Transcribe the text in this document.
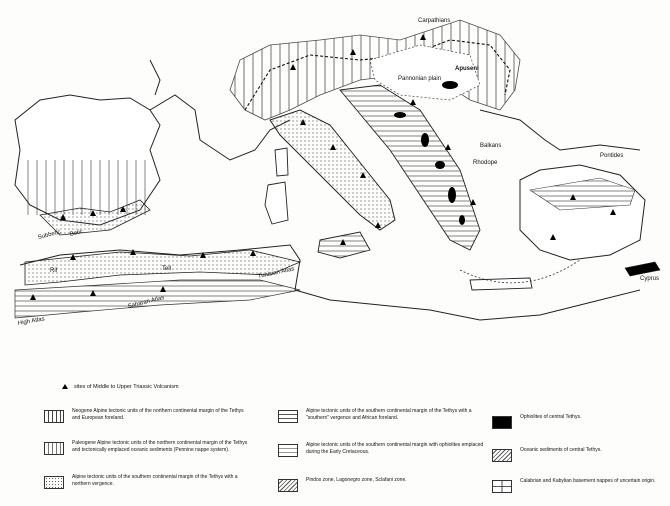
Carpathians
Apuseni
Pannonian plain
Balkans
Rhodope
Pontides
Cyprus
Subbetic Betic
Rif	Tell	Tunisian Atlas
Saharan Atlas
High Atlas
sites of Middle to Upper Triassic Volcanism
Neogene Alpine tectonic units of the northern continental margin of the Tethys and European foreland.
Paleogene Alpine tectonic units of the northern continental margin of the Tethys and tectonically emplaced oceanic sediments (Pennine nappe system).
Alpine tectonic units of the southern continental margin of the Tethys with a northern vergence.
Alpine tectonic units of the southern continental margin of the Tethys with a "southern" vergence and African foreland.
Alpine tectonic units of the southern continental margin with ophiolites emplaced during the Early Cretaceous.
Pindos zone, Lagonegro zone, Sclafani zone.
Ophiolites of central Tethys.
Oceanic sediments of central Tethys.
Calabrian and Kabylian basement nappes of uncertain origin.
